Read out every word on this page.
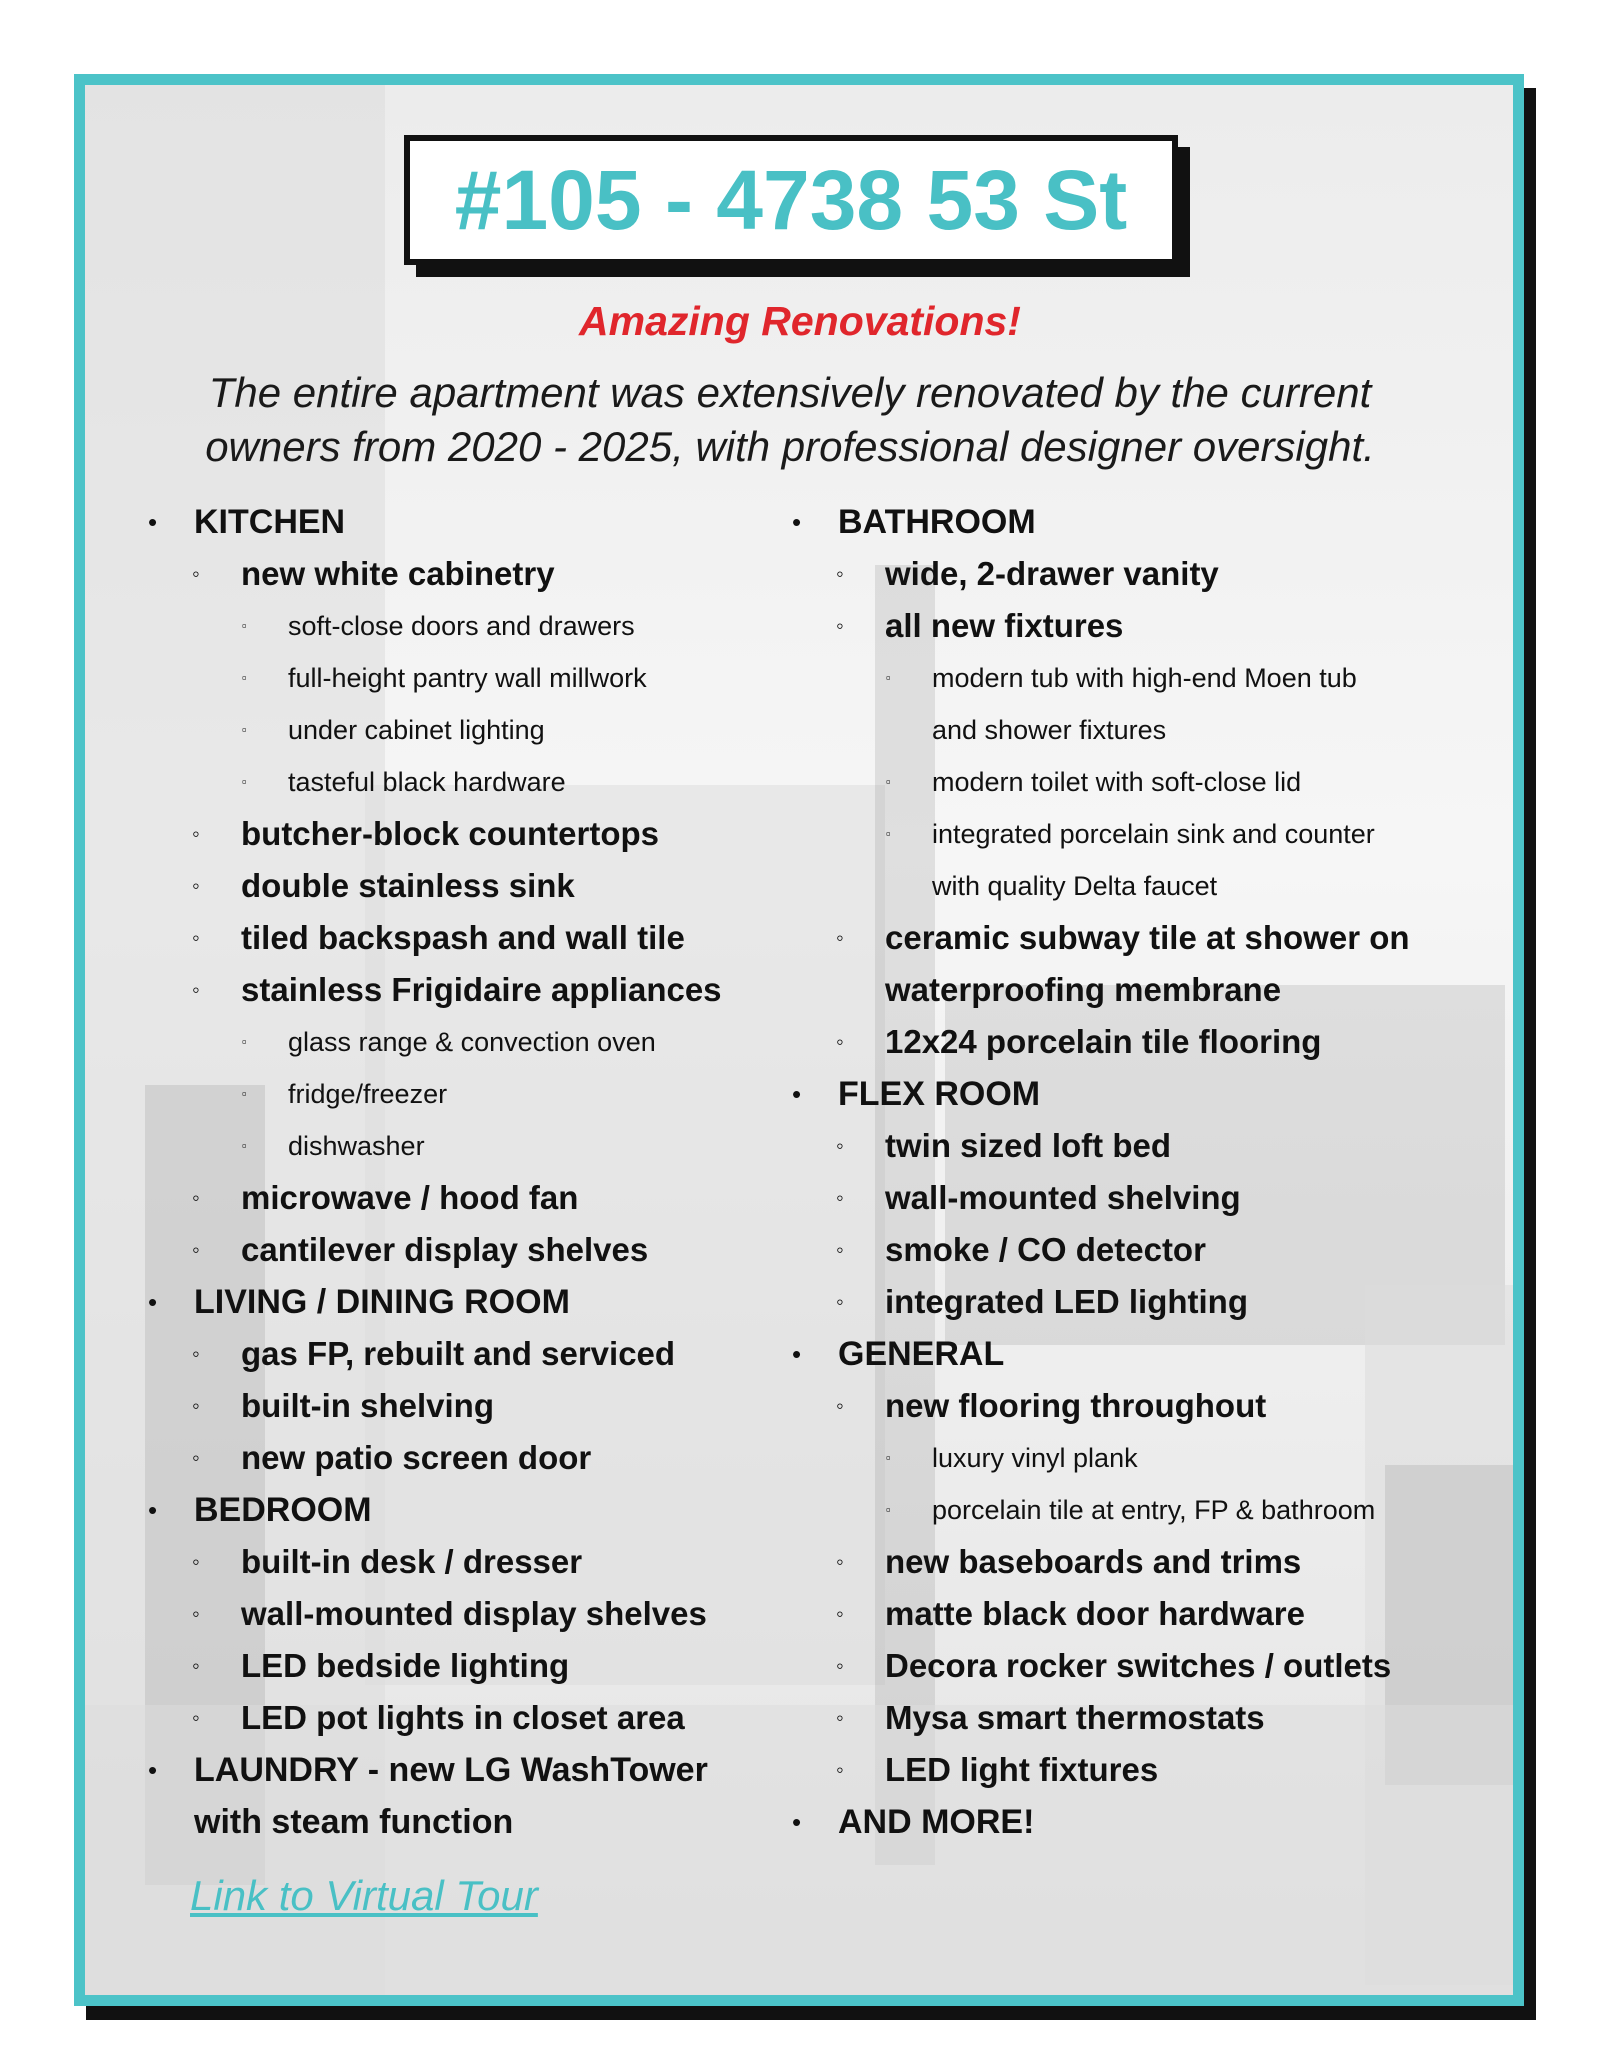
#105 - 4738 53 St
Amazing Renovations!
The entire apartment was extensively renovated by the current
owners from 2020 - 2025, with professional designer oversight.
• KITCHEN
◦ new white cabinetry
▫ soft-close doors and drawers
▫ full-height pantry wall millwork
▫ under cabinet lighting
▫ tasteful black hardware
◦ butcher-block countertops
◦ double stainless sink
◦ tiled backspash and wall tile
◦ stainless Frigidaire appliances
▫ glass range & convection oven
▫ fridge/freezer
▫ dishwasher
◦ microwave / hood fan
◦ cantilever display shelves
• LIVING / DINING ROOM
◦ gas FP, rebuilt and serviced
◦ built-in shelving
◦ new patio screen door
• BEDROOM
◦ built-in desk / dresser
◦ wall-mounted display shelves
◦ LED bedside lighting
◦ LED pot lights in closet area
• LAUNDRY - new LG WashTower
with steam function
• BATHROOM
◦ wide, 2-drawer vanity
◦ all new fixtures
▫ modern tub with high-end Moen tub
and shower fixtures
▫ modern toilet with soft-close lid
▫ integrated porcelain sink and counter
with quality Delta faucet
◦ ceramic subway tile at shower on
waterproofing membrane
◦ 12x24 porcelain tile flooring
• FLEX ROOM
◦ twin sized loft bed
◦ wall-mounted shelving
◦ smoke / CO detector
◦ integrated LED lighting
• GENERAL
◦ new flooring throughout
▫ luxury vinyl plank
▫ porcelain tile at entry, FP & bathroom
◦ new baseboards and trims
◦ matte black door hardware
◦ Decora rocker switches / outlets
◦ Mysa smart thermostats
◦ LED light fixtures
• AND MORE!
Link to Virtual Tour
